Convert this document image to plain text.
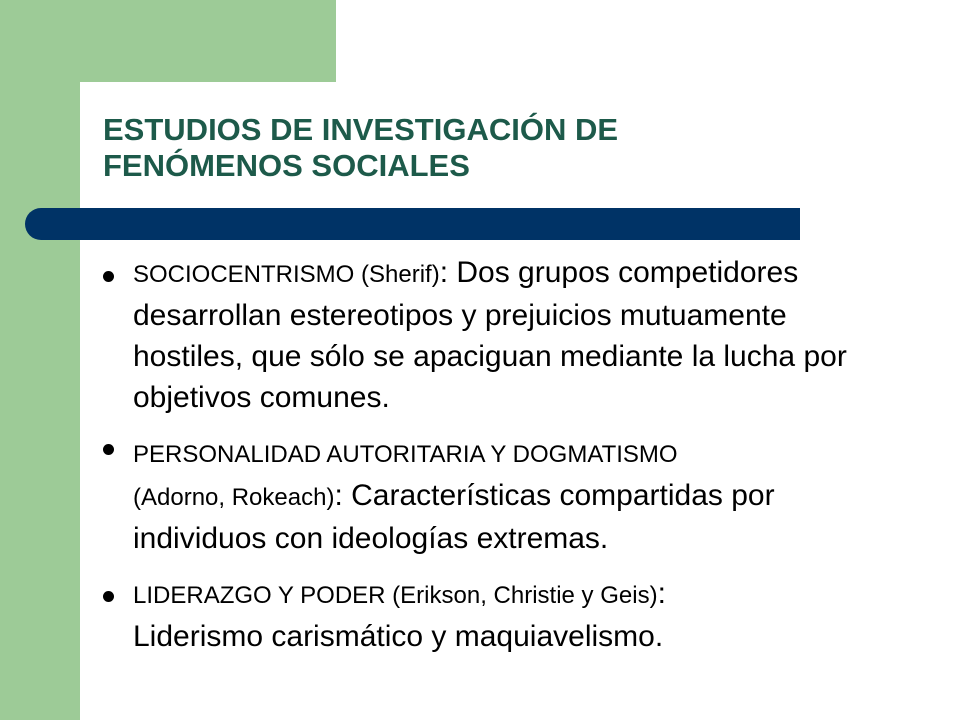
ESTUDIOS DE INVESTIGACIÓN DE
FENÓMENOS SOCIALES
SOCIOCENTRISMO (Sherif): Dos grupos competidores desarrollan estereotipos y prejuicios mutuamente hostiles, que sólo se apaciguan mediante la lucha por objetivos comunes.
PERSONALIDAD AUTORITARIA Y DOGMATISMO
(Adorno, Rokeach): Características compartidas por individuos con ideologías extremas.
LIDERAZGO Y PODER (Erikson, Christie y Geis):
Liderismo carismático y maquiavelismo.
